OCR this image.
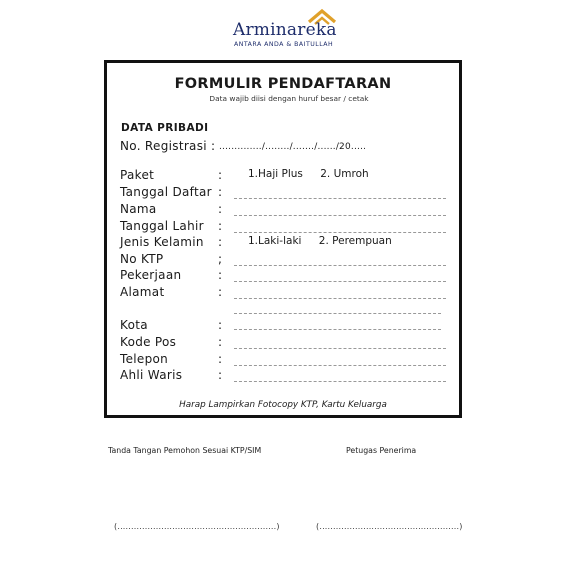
Arminareka
ANTARA ANDA & BAITULLAH
FORMULIR PENDAFTARAN
Data wajib diisi dengan huruf besar / cetak
DATA PRIBADI
No. Registrasi : ............../......../......./....../20.....
Paket	: 1.Haji Plus 2. Umroh
Tanggal Daftar :
Nama	:
Tanggal Lahir :
Jenis Kelamin : 1.Laki-laki 2. Perempuan
No KTP	;
Pekerjaan	:
Alamat	:
Kota	:
Kode Pos	:
Telepon	:
Ahli Waris	:
Harap Lampirkan Fotocopy KTP, Kartu Keluarga
Tanda Tangan Pemohon Sesuai KTP/SIM	Petugas Penerima
(..........................................................)	(...................................................)
